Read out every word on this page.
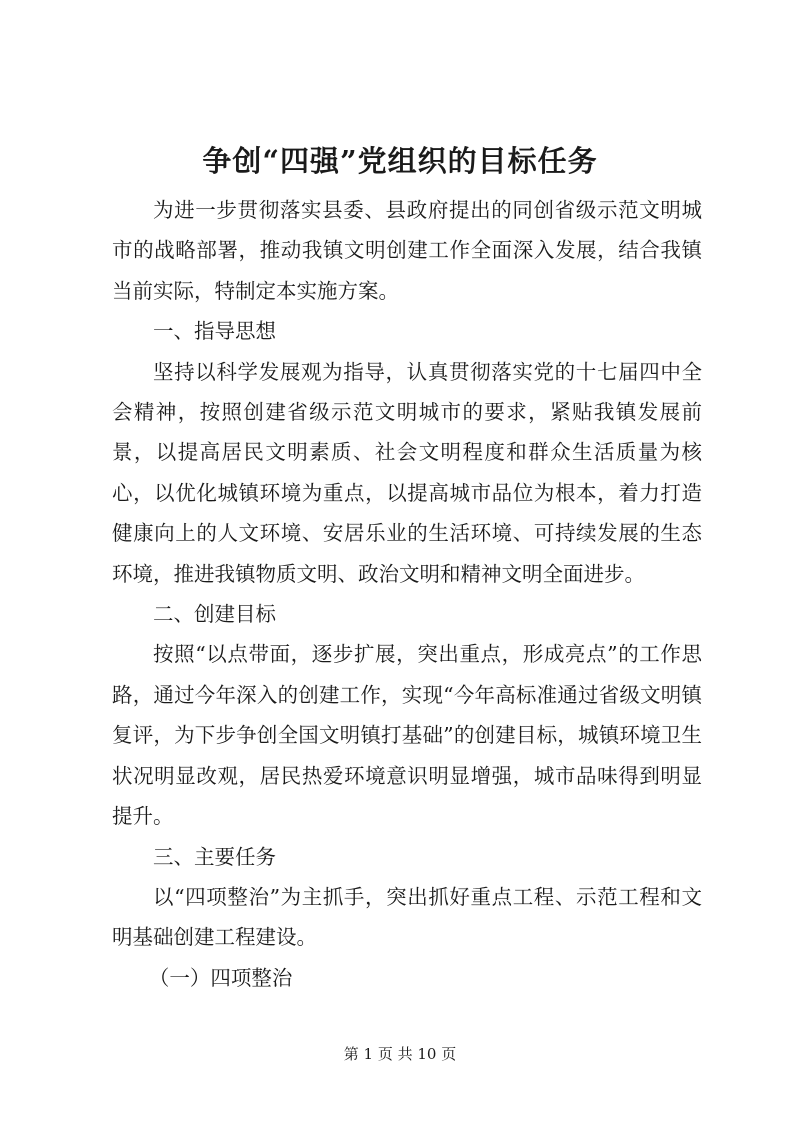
争创“四强”党组织的目标任务

为进一步贯彻落实县委、县政府提出的同创省级示范文明城市的战略部署，推动我镇文明创建工作全面深入发展，结合我镇当前实际，特制定本实施方案。

一、指导思想

坚持以科学发展观为指导，认真贯彻落实党的十七届四中全会精神，按照创建省级示范文明城市的要求，紧贴我镇发展前景，以提高居民文明素质、社会文明程度和群众生活质量为核心，以优化城镇环境为重点，以提高城市品位为根本，着力打造健康向上的人文环境、安居乐业的生活环境、可持续发展的生态环境，推进我镇物质文明、政治文明和精神文明全面进步。

二、创建目标

按照“以点带面，逐步扩展，突出重点，形成亮点”的工作思路，通过今年深入的创建工作，实现“今年高标准通过省级文明镇复评，为下步争创全国文明镇打基础”的创建目标，城镇环境卫生状况明显改观，居民热爱环境意识明显增强，城市品味得到明显提升。

三、主要任务

以“四项整治”为主抓手，突出抓好重点工程、示范工程和文明基础创建工程建设。

（一）四项整治

第 1 页 共 10 页
